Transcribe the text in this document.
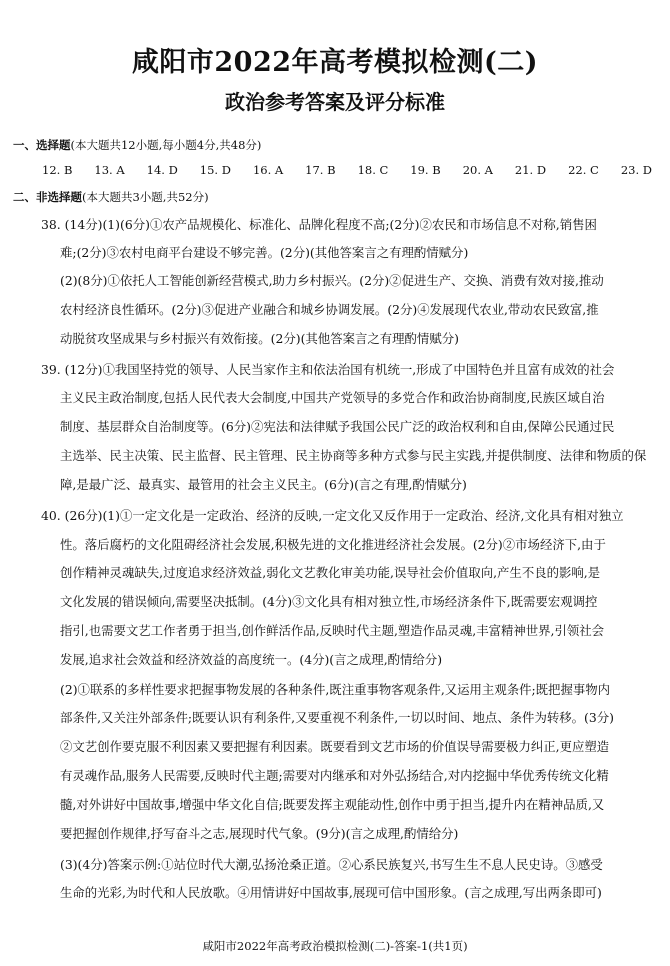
咸阳市2022年高考模拟检测(二)
政治参考答案及评分标准
一、选择题(本大题共12小题,每小题4分,共48分)
12. B 13. A 14. D 15. D 16. A 17. B 18. C 19. B 20. A 21. D 22. C 23. D
二、非选择题(本大题共3小题,共52分)
38. (14分)(1)(6分)①农产品规模化、标准化、品牌化程度不高;(2分)②农民和市场信息不对称,销售困
难;(2分)③农村电商平台建设不够完善。(2分)(其他答案言之有理酌情赋分)
(2)(8分)①依托人工智能创新经营模式,助力乡村振兴。(2分)②促进生产、交换、消费有效对接,推动
农村经济良性循环。(2分)③促进产业融合和城乡协调发展。(2分)④发展现代农业,带动农民致富,推
动脱贫攻坚成果与乡村振兴有效衔接。(2分)(其他答案言之有理酌情赋分)
39. (12分)①我国坚持党的领导、人民当家作主和依法治国有机统一,形成了中国特色并且富有成效的社会
主义民主政治制度,包括人民代表大会制度,中国共产党领导的多党合作和政治协商制度,民族区域自治
制度、基层群众自治制度等。(6分)②宪法和法律赋予我国公民广泛的政治权利和自由,保障公民通过民
主选举、民主决策、民主监督、民主管理、民主协商等多种方式参与民主实践,并提供制度、法律和物质的保
障,是最广泛、最真实、最管用的社会主义民主。(6分)(言之有理,酌情赋分)
40. (26分)(1)①一定文化是一定政治、经济的反映,一定文化又反作用于一定政治、经济,文化具有相对独立
性。落后腐朽的文化阻碍经济社会发展,积极先进的文化推进经济社会发展。(2分)②市场经济下,由于
创作精神灵魂缺失,过度追求经济效益,弱化文艺教化审美功能,误导社会价值取向,产生不良的影响,是
文化发展的错误倾向,需要坚决抵制。(4分)③文化具有相对独立性,市场经济条件下,既需要宏观调控
指引,也需要文艺工作者勇于担当,创作鲜活作品,反映时代主题,塑造作品灵魂,丰富精神世界,引领社会
发展,追求社会效益和经济效益的高度统一。(4分)(言之成理,酌情给分)
(2)①联系的多样性要求把握事物发展的各种条件,既注重事物客观条件,又运用主观条件;既把握事物内
部条件,又关注外部条件;既要认识有利条件,又要重视不利条件,一切以时间、地点、条件为转移。(3分)
②文艺创作要克服不利因素又要把握有利因素。既要看到文艺市场的价值误导需要极力纠正,更应塑造
有灵魂作品,服务人民需要,反映时代主题;需要对内继承和对外弘扬结合,对内挖掘中华优秀传统文化精
髓,对外讲好中国故事,增强中华文化自信;既要发挥主观能动性,创作中勇于担当,提升内在精神品质,又
要把握创作规律,抒写奋斗之志,展现时代气象。(9分)(言之成理,酌情给分)
(3)(4分)答案示例:①站位时代大潮,弘扬沧桑正道。②心系民族复兴,书写生生不息人民史诗。③感受
生命的光彩,为时代和人民放歌。④用情讲好中国故事,展现可信中国形象。(言之成理,写出两条即可)
咸阳市2022年高考政治模拟检测(二)-答案-1(共1页)
